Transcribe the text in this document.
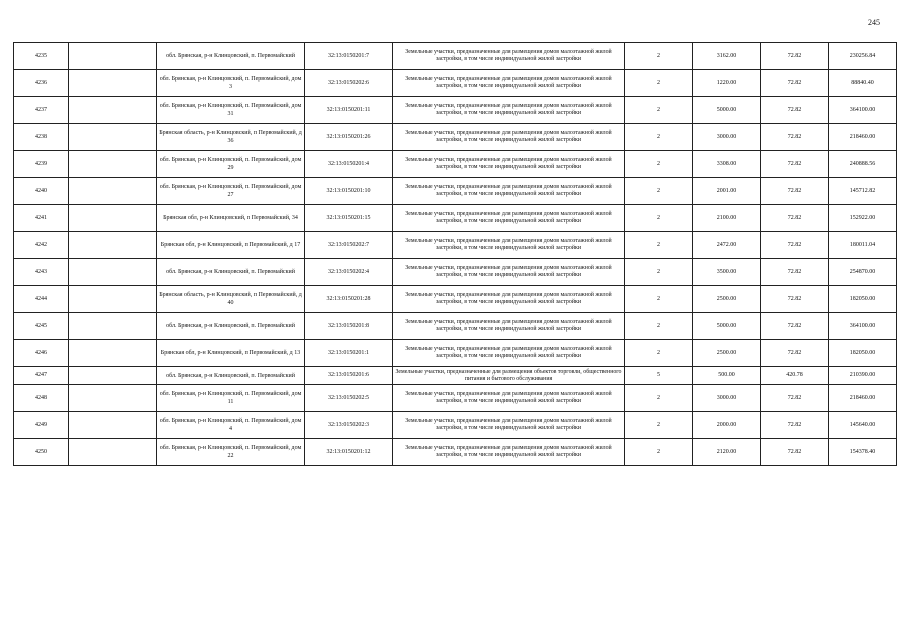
245
4235		обл. Брянская, р-н Клинцовский, п. Первомайский	32:13:0150201:7	Земельные участки, предназначенные для размещения домов малоэтажной жилой застройки, в том числе индивидуальной жилой застройки	2	3162.00	72.82	230256.84
4236		обл. Брянская, р-н Клинцовский, п. Первомайский, дом 3	32:13:0150202:6	Земельные участки, предназначенные для размещения домов малоэтажной жилой застройки, в том числе индивидуальной жилой застройки	2	1220.00	72.82	88840.40
4237		обл. Брянская, р-н Клинцовский, п. Первомайский, дом 31	32:13:0150201:11	Земельные участки, предназначенные для размещения домов малоэтажной жилой застройки, в том числе индивидуальной жилой застройки	2	5000.00	72.82	364100.00
4238		Брянская область, р-н Клинцовский, п Первомайский, д 36	32:13:0150201:26	Земельные участки, предназначенные для размещения домов малоэтажной жилой застройки, в том числе индивидуальной жилой застройки	2	3000.00	72.82	218460.00
4239		обл. Брянская, р-н Клинцовский, п. Первомайский, дом 29	32:13:0150201:4	Земельные участки, предназначенные для размещения домов малоэтажной жилой застройки, в том числе индивидуальной жилой застройки	2	3308.00	72.82	240888.56
4240		обл. Брянская, р-н Клинцовский, п. Первомайский, дом 27	32:13:0150201:10	Земельные участки, предназначенные для размещения домов малоэтажной жилой застройки, в том числе индивидуальной жилой застройки	2	2001.00	72.82	145712.82
4241		Брянская обл, р-н Клинцовский, п Первомайский, 34	32:13:0150201:15	Земельные участки, предназначенные для размещения домов малоэтажной жилой застройки, в том числе индивидуальной жилой застройки	2	2100.00	72.82	152922.00
4242		Брянская обл, р-н Клинцовский, п Первомайский, д 17	32:13:0150202:7	Земельные участки, предназначенные для размещения домов малоэтажной жилой застройки, в том числе индивидуальной жилой застройки	2	2472.00	72.82	180011.04
4243		обл. Брянская, р-н Клинцовский, п. Первомайский	32:13:0150202:4	Земельные участки, предназначенные для размещения домов малоэтажной жилой застройки, в том числе индивидуальной жилой застройки	2	3500.00	72.82	254870.00
4244		Брянская область, р-н Клинцовский, п Первомайский, д 40	32:13:0150201:28	Земельные участки, предназначенные для размещения домов малоэтажной жилой застройки, в том числе индивидуальной жилой застройки	2	2500.00	72.82	182050.00
4245		обл. Брянская, р-н Клинцовский, п. Первомайский	32:13:0150201:8	Земельные участки, предназначенные для размещения домов малоэтажной жилой застройки, в том числе индивидуальной жилой застройки	2	5000.00	72.82	364100.00
4246		Брянская обл, р-н Клинцовский, п Первомайский, д 13	32:13:0150201:1	Земельные участки, предназначенные для размещения домов малоэтажной жилой застройки, в том числе индивидуальной жилой застройки	2	2500.00	72.82	182050.00
4247		обл. Брянская, р-н Клинцовский, п. Первомайский	32:13:0150201:6	Земельные участки, предназначенные для размещения объектов торговли, общественного питания и бытового обслуживания	5	500.00	420.78	210390.00
4248		обл. Брянская, р-н Клинцовский, п. Первомайский, дом 11	32:13:0150202:5	Земельные участки, предназначенные для размещения домов малоэтажной жилой застройки, в том числе индивидуальной жилой застройки	2	3000.00	72.82	218460.00
4249		обл. Брянская, р-н Клинцовский, п. Первомайский, дом 4	32:13:0150202:3	Земельные участки, предназначенные для размещения домов малоэтажной жилой застройки, в том числе индивидуальной жилой застройки	2	2000.00	72.82	145640.00
4250		обл. Брянская, р-н Клинцовский, п. Первомайский, дом 22	32:13:0150201:12	Земельные участки, предназначенные для размещения домов малоэтажной жилой застройки, в том числе индивидуальной жилой застройки	2	2120.00	72.82	154378.40
